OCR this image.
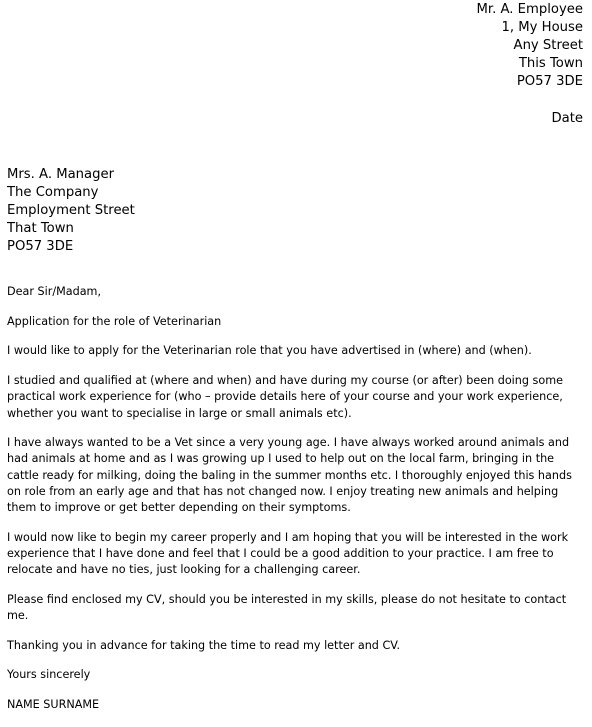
Mr. A. Employee
1, My House
Any Street
This Town
PO57 3DE
Date
Mrs. A. Manager
The Company
Employment Street
That Town
PO57 3DE

Dear Sir/Madam,

Application for the role of Veterinarian

I would like to apply for the Veterinarian role that you have advertised in (where) and (when).

I studied and qualified at (where and when) and have during my course (or after) been doing some practical work experience for (who – provide details here of your course and your work experience, whether you want to specialise in large or small animals etc).

I have always wanted to be a Vet since a very young age. I have always worked around animals and had animals at home and as I was growing up I used to help out on the local farm, bringing in the cattle ready for milking, doing the baling in the summer months etc. I thoroughly enjoyed this hands on role from an early age and that has not changed now. I enjoy treating new animals and helping them to improve or get better depending on their symptoms.

I would now like to begin my career properly and I am hoping that you will be interested in the work experience that I have done and feel that I could be a good addition to your practice. I am free to relocate and have no ties, just looking for a challenging career.

Please find enclosed my CV, should you be interested in my skills, please do not hesitate to contact me.

Thanking you in advance for taking the time to read my letter and CV.

Yours sincerely

NAME SURNAME
